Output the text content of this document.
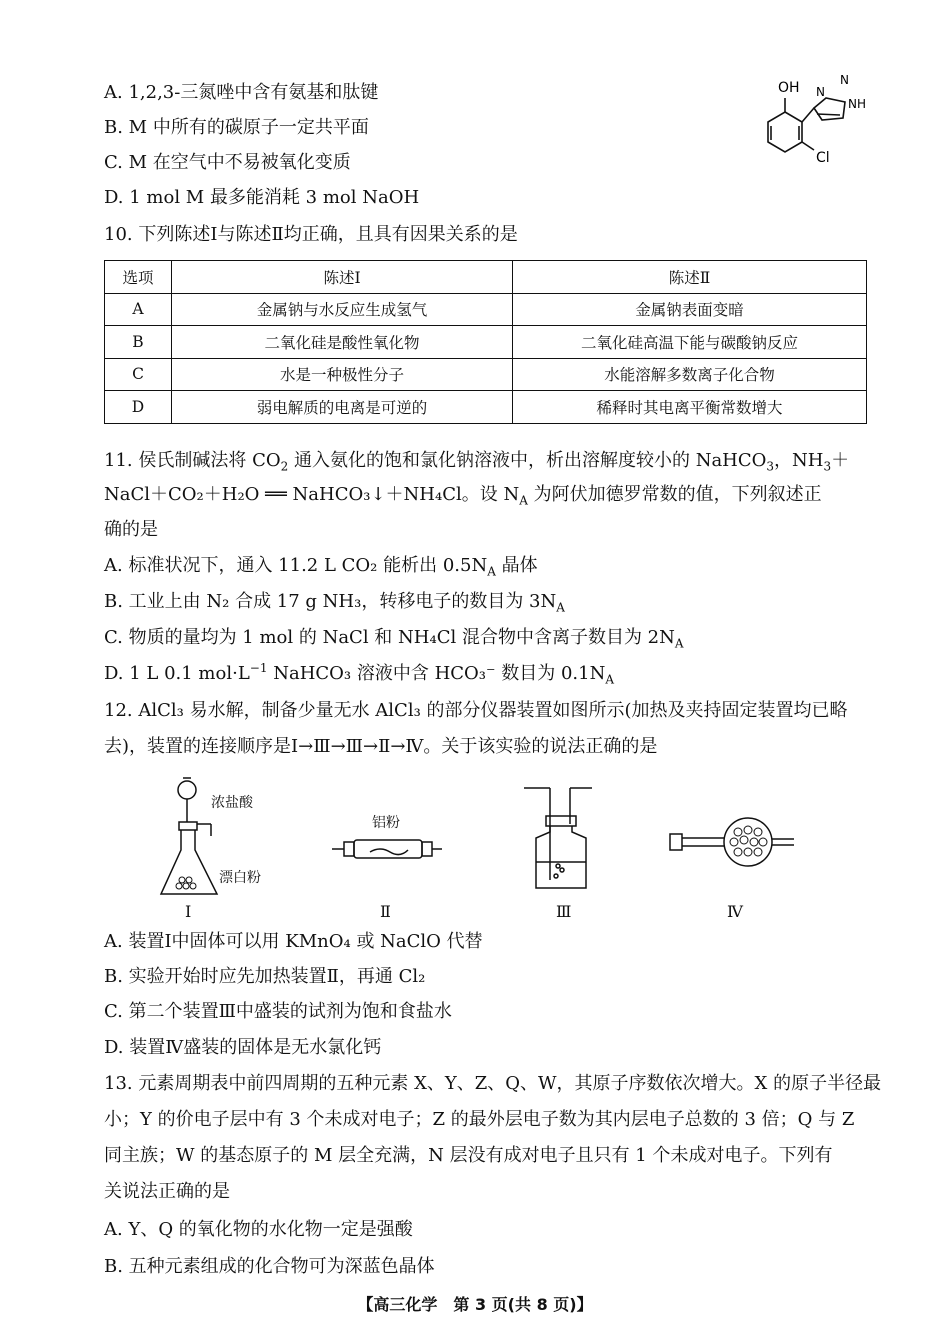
A. 1,2,3-三氮唑中含有氨基和肽键
B. M 中所有的碳原子一定共平面
C. M 在空气中不易被氧化变质
D. 1 mol M 最多能消耗 3 mol NaOH
OH N
N
NH
Cl
10. 下列陈述Ⅰ与陈述Ⅱ均正确，且具有因果关系的是
选项	陈述Ⅰ	陈述Ⅱ
A	金属钠与水反应生成氢气	金属钠表面变暗
B	二氧化硅是酸性氧化物	二氧化硅高温下能与碳酸钠反应
C	水是一种极性分子	水能溶解多数离子化合物
D	弱电解质的电离是可逆的	稀释时其电离平衡常数增大
11. 侯氏制碱法将 $CO_2$ 通入氨化的饱和氯化钠溶液中，析出溶解度较小的 NaHCO$_3$，$NH_3+$
NaCl＋CO₂＋H₂O ══ NaHCO₃↓＋NH₄Cl。设 $N_A$ 为阿伏加德罗常数的值，下列叙述正
确的是
A. 标准状况下，通入 11.2 L CO₂ 能析出 $0.5N_A$ 晶体
B. 工业上由 N₂ 合成 17 g NH₃，转移电子的数目为 $3N_A$
C. 物质的量均为 1 mol 的 NaCl 和 NH₄Cl 混合物中含离子数目为 $2N_A$
D. 1 L 0.1 $mol\cdot L^{-1}$ NaHCO₃ 溶液中含 HCO₃⁻ 数目为 $0.1N_A$
12. AlCl₃ 易水解，制备少量无水 AlCl₃ 的部分仪器装置如图所示(加热及夹持固定装置均已略
去)，装置的连接顺序是Ⅰ→Ⅲ→Ⅲ→Ⅱ→Ⅳ。关于该实验的说法正确的是
浓盐酸
漂白粉
Ⅰ
铝粉
Ⅱ	Ⅲ	Ⅳ
A. 装置Ⅰ中固体可以用 KMnO₄ 或 NaClO 代替
B. 实验开始时应先加热装置Ⅱ，再通 Cl₂
C. 第二个装置Ⅲ中盛装的试剂为饱和食盐水
D. 装置Ⅳ盛装的固体是无水氯化钙
13. 元素周期表中前四周期的五种元素 X、Y、Z、Q、W，其原子序数依次增大。X 的原子半径最
小；Y 的价电子层中有 3 个未成对电子；Z 的最外层电子数为其内层电子总数的 3 倍；Q 与 Z
同主族；W 的基态原子的 M 层全充满，N 层没有成对电子且只有 1 个未成对电子。下列有
关说法正确的是
A. Y、Q 的氧化物的水化物一定是强酸
B. 五种元素组成的化合物可为深蓝色晶体
【高三化学　第 3 页(共 8 页)】
